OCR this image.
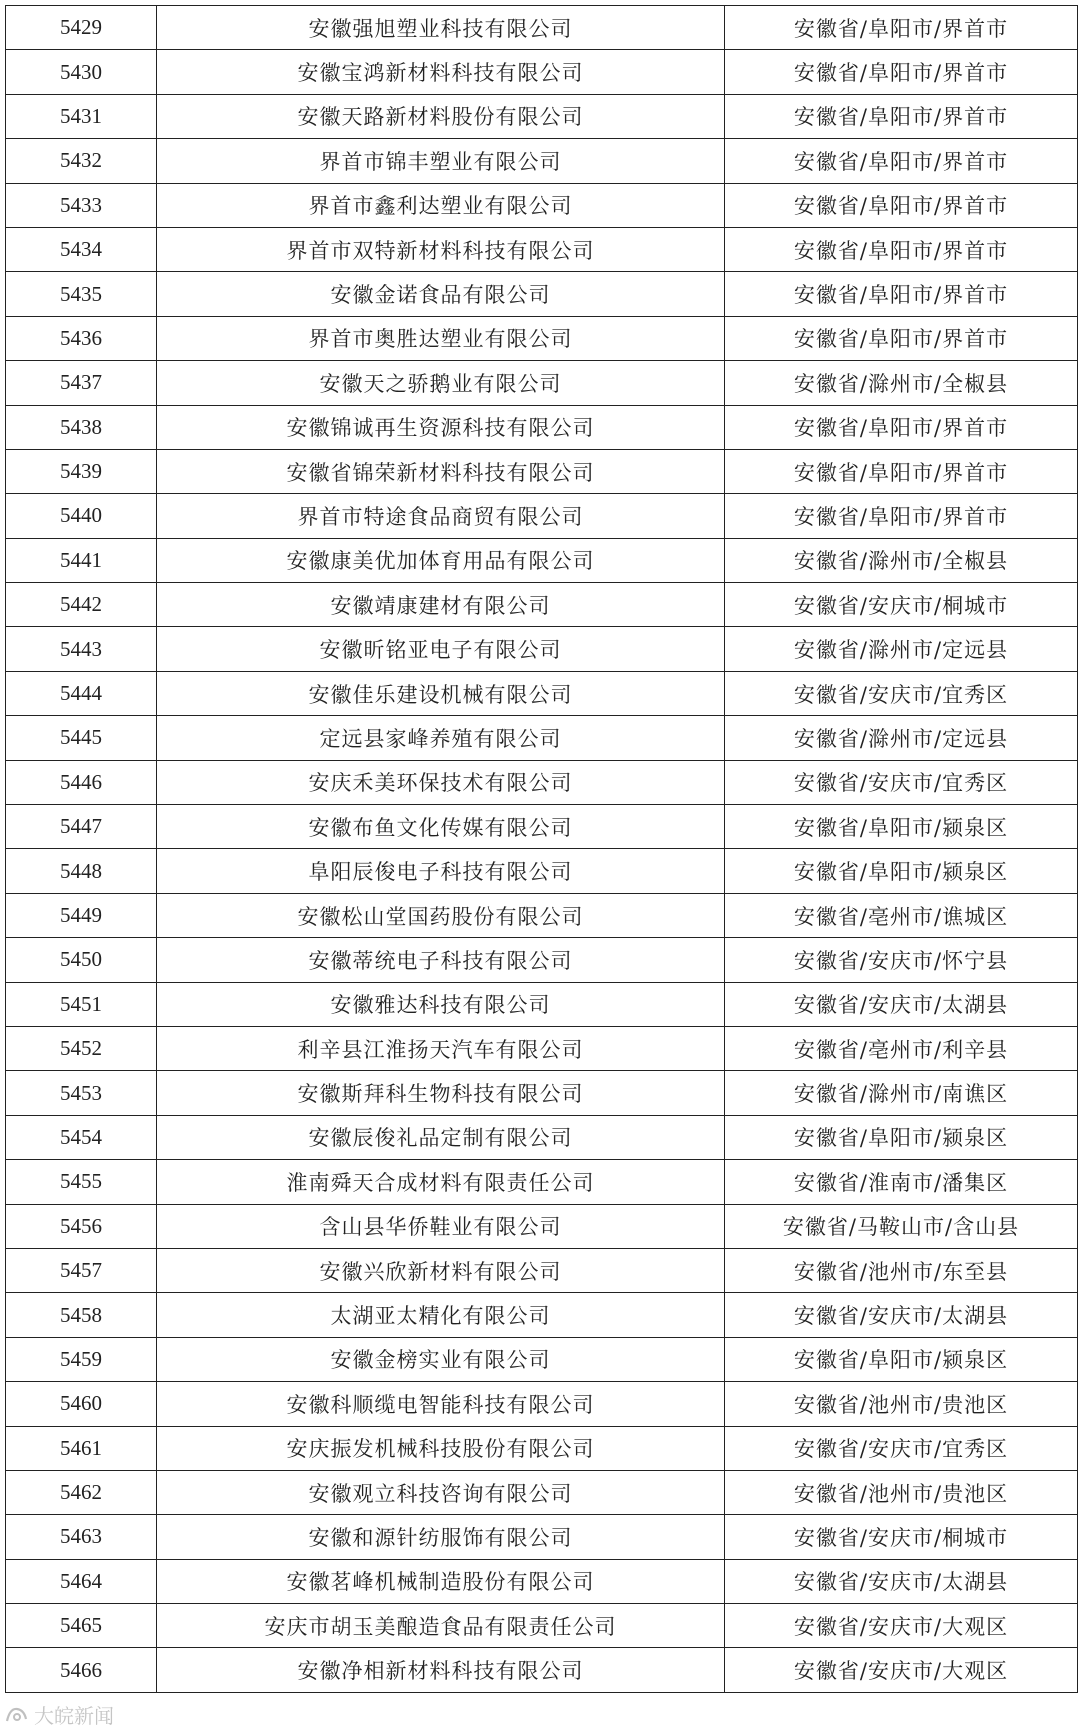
5429	安徽强旭塑业科技有限公司	安徽省/阜阳市/界首市
5430	安徽宝鸿新材料科技有限公司	安徽省/阜阳市/界首市
5431	安徽天路新材料股份有限公司	安徽省/阜阳市/界首市
5432	界首市锦丰塑业有限公司	安徽省/阜阳市/界首市
5433	界首市鑫利达塑业有限公司	安徽省/阜阳市/界首市
5434	界首市双特新材料科技有限公司	安徽省/阜阳市/界首市
5435	安徽金诺食品有限公司	安徽省/阜阳市/界首市
5436	界首市奥胜达塑业有限公司	安徽省/阜阳市/界首市
5437	安徽天之骄鹅业有限公司	安徽省/滁州市/全椒县
5438	安徽锦诚再生资源科技有限公司	安徽省/阜阳市/界首市
5439	安徽省锦荣新材料科技有限公司	安徽省/阜阳市/界首市
5440	界首市特途食品商贸有限公司	安徽省/阜阳市/界首市
5441	安徽康美优加体育用品有限公司	安徽省/滁州市/全椒县
5442	安徽靖康建材有限公司	安徽省/安庆市/桐城市
5443	安徽昕铭亚电子有限公司	安徽省/滁州市/定远县
5444	安徽佳乐建设机械有限公司	安徽省/安庆市/宜秀区
5445	定远县家峰养殖有限公司	安徽省/滁州市/定远县
5446	安庆禾美环保技术有限公司	安徽省/安庆市/宜秀区
5447	安徽布鱼文化传媒有限公司	安徽省/阜阳市/颍泉区
5448	阜阳辰俊电子科技有限公司	安徽省/阜阳市/颍泉区
5449	安徽松山堂国药股份有限公司	安徽省/亳州市/谯城区
5450	安徽蒂统电子科技有限公司	安徽省/安庆市/怀宁县
5451	安徽雅达科技有限公司	安徽省/安庆市/太湖县
5452	利辛县江淮扬天汽车有限公司	安徽省/亳州市/利辛县
5453	安徽斯拜科生物科技有限公司	安徽省/滁州市/南谯区
5454	安徽辰俊礼品定制有限公司	安徽省/阜阳市/颍泉区
5455	淮南舜天合成材料有限责任公司	安徽省/淮南市/潘集区
5456	含山县华侨鞋业有限公司	安徽省/马鞍山市/含山县
5457	安徽兴欣新材料有限公司	安徽省/池州市/东至县
5458	太湖亚太精化有限公司	安徽省/安庆市/太湖县
5459	安徽金榜实业有限公司	安徽省/阜阳市/颍泉区
5460	安徽科顺缆电智能科技有限公司	安徽省/池州市/贵池区
5461	安庆振发机械科技股份有限公司	安徽省/安庆市/宜秀区
5462	安徽观立科技咨询有限公司	安徽省/池州市/贵池区
5463	安徽和源针纺服饰有限公司	安徽省/安庆市/桐城市
5464	安徽茗峰机械制造股份有限公司	安徽省/安庆市/太湖县
5465	安庆市胡玉美酿造食品有限责任公司	安徽省/安庆市/大观区
5466	安徽净相新材料科技有限公司	安徽省/安庆市/大观区
大皖新闻
